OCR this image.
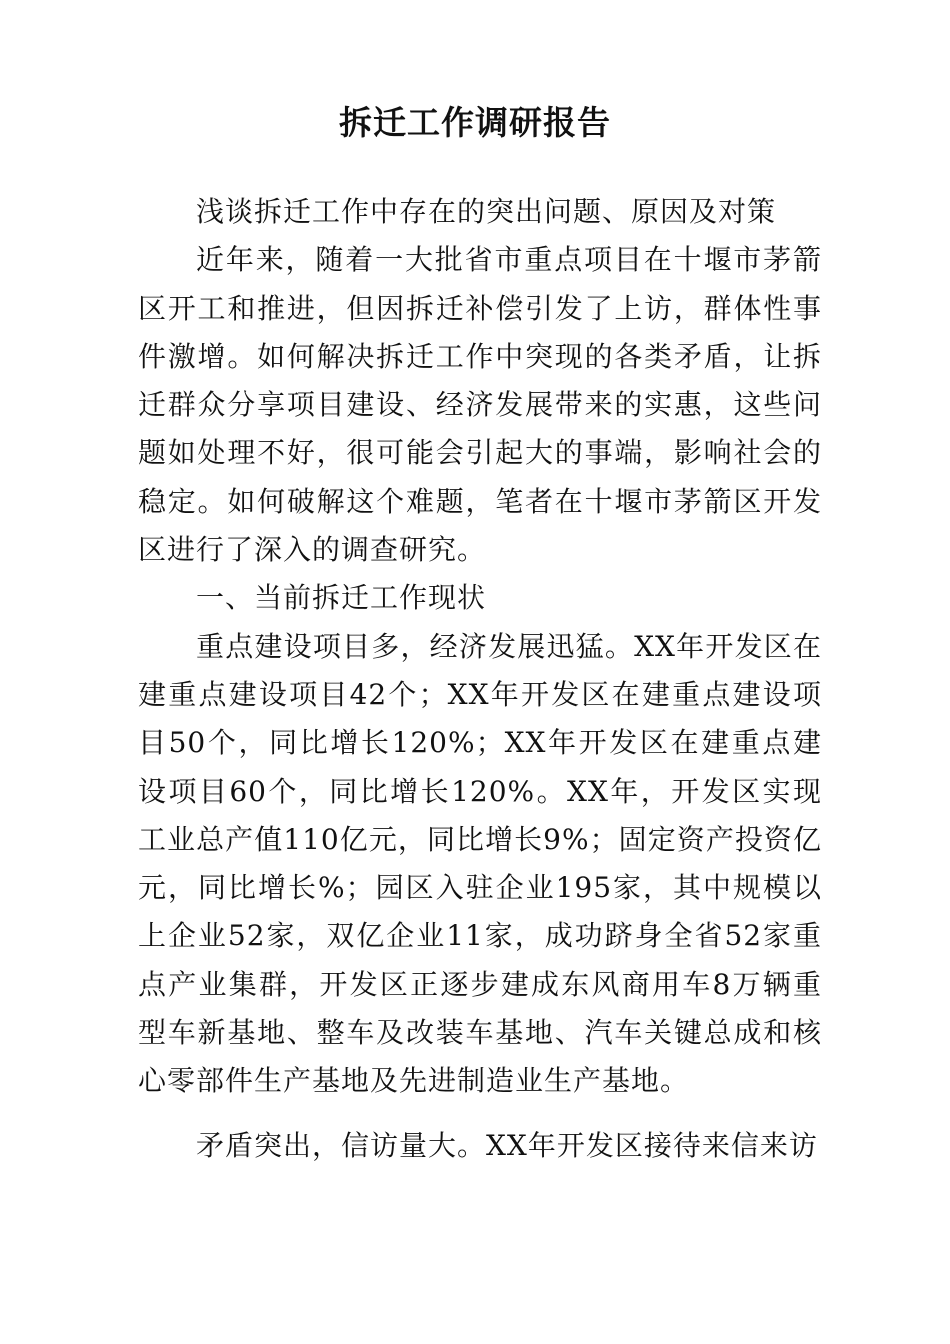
拆迁工作调研报告

浅谈拆迁工作中存在的突出问题、原因及对策

近年来，随着一大批省市重点项目在十堰市茅箭区开工和推进，但因拆迁补偿引发了上访，群体性事件激增。如何解决拆迁工作中突现的各类矛盾，让拆迁群众分享项目建设、经济发展带来的实惠，这些问题如处理不好，很可能会引起大的事端，影响社会的稳定。如何破解这个难题，笔者在十堰市茅箭区开发区进行了深入的调查研究。

一、当前拆迁工作现状

重点建设项目多，经济发展迅猛。XX年开发区在建重点建设项目42个；XX年开发区在建重点建设项目50个，同比增长120%；XX年开发区在建重点建设项目60个，同比增长120%。XX年，开发区实现工业总产值110亿元，同比增长9%；固定资产投资亿元，同比增长%；园区入驻企业195家，其中规模以上企业52家，双亿企业11家，成功跻身全省52家重点产业集群，开发区正逐步建成东风商用车8万辆重型车新基地、整车及改装车基地、汽车关键总成和核心零部件生产基地及先进制造业生产基地。

矛盾突出，信访量大。XX年开发区接待来信来访
